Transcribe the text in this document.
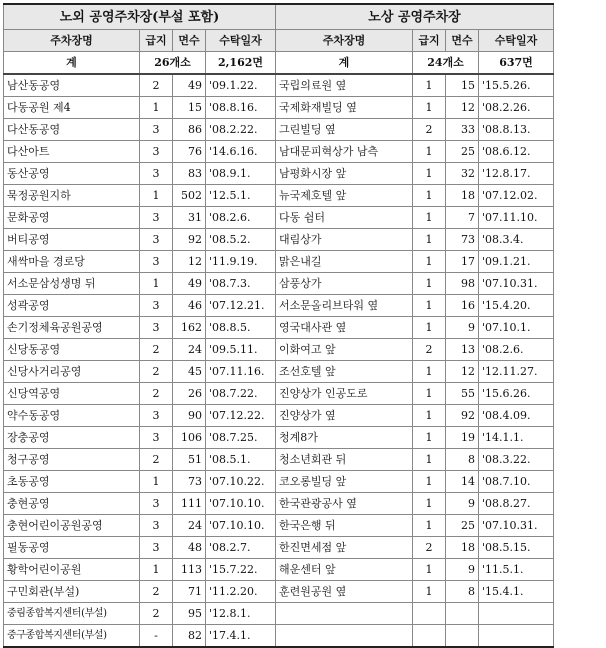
노외 공영주차장(부설 포함)				노상 공영주차장			
주차장명	급지	면수	수탁일자	주차장명	급지	면수	수탁일자
계	26개소		2,162면	계	24개소		637면
남산동공영	2	49	'09.1.22.	국립의료원 옆	1	15	'15.5.26.
다동공원 제4	1	15	'08.8.16.	국제화재빌딩 옆	1	12	'08.2.26.
다산동공영	3	86	'08.2.22.	그린빌딩 옆	2	33	'08.8.13.
다산아트	3	76	'14.6.16.	남대문피혁상가 남측	1	25	'08.6.12.
동산공영	3	83	'08.9.1.	남평화시장 앞	1	32	'12.8.17.
묵정공원지하	1	502	'12.5.1.	뉴국제호텔 앞	1	18	'07.12.02.
문화공영	3	31	'08.2.6.	다동 쉼터	1	7	'07.11.10.
버티공영	3	92	'08.5.2.	대림상가	1	73	'08.3.4.
새싹마을 경로당	3	12	'11.9.19.	맑은내길	1	17	'09.1.21.
서소문삼성생명 뒤	1	49	'08.7.3.	삼풍상가	1	98	'07.10.31.
성곽공영	3	46	'07.12.21.	서소문올리브타워 옆	1	16	'15.4.20.
손기정체육공원공영	3	162	'08.8.5.	영국대사관 옆	1	9	'07.10.1.
신당동공영	2	24	'09.5.11.	이화여고 앞	2	13	'08.2.6.
신당사거리공영	2	45	'07.11.16.	조선호텔 앞	1	12	'12.11.27.
신당역공영	2	26	'08.7.22.	진양상가 인공도로	1	55	'15.6.26.
약수동공영	3	90	'07.12.22.	진양상가 옆	1	92	'08.4.09.
장충공영	3	106	'08.7.25.	청계8가	1	19	'14.1.1.
청구공영	2	51	'08.5.1.	청소년회관 뒤	1	8	'08.3.22.
초동공영	1	73	'07.10.22.	코오롱빌딩 앞	1	14	'08.7.10.
충현공영	3	111	'07.10.10.	한국관광공사 옆	1	9	'08.8.27.
충현어린이공원공영	3	24	'07.10.10.	한국은행 뒤	1	25	'07.10.31.
필동공영	3	48	'08.2.7.	한진면세점 앞	2	18	'08.5.15.
황학어린이공원	1	113	'15.7.22.	해운센터 앞	1	9	'11.5.1.
구민회관(부설)	2	71	'11.2.20.	훈련원공원 옆	1	8	'15.4.1.
중림종합복지센터(부설)	2	95	'12.8.1.				
중구종합복지센터(부설)	-	82	'17.4.1.				
